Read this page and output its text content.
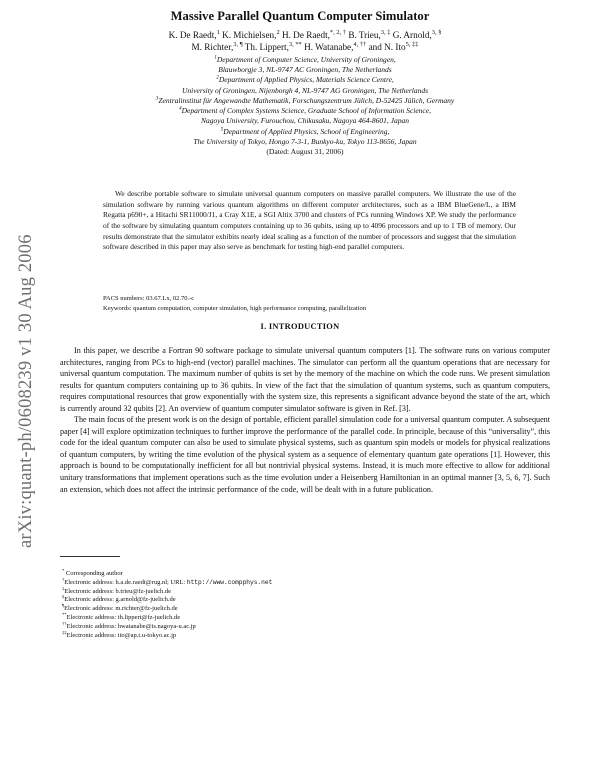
arXiv:quant-ph/0608239 v1 30 Aug 2006
Massive Parallel Quantum Computer Simulator
K. De Raedt,$^1$ K. Michielsen,$^2$ H. De Raedt,$^{*, 2, \dagger}$ B. Trieu,$^{3, \ddagger}$ G. Arnold,$^{3, \S}$
M. Richter,$^{3, \P}$ Th. Lippert,$^{3, **}$ H. Watanabe,$^{4, \dagger\dagger}$ and N. Ito$^{5, \ddagger\ddagger}$
$^1$Department of Computer Science, University of Groningen,
Blauwborgje 3, NL-9747 AC Groningen, The Netherlands
$^2$Department of Applied Physics, Materials Science Centre,
University of Groningen, Nijenborgh 4, NL-9747 AG Groningen, The Netherlands
$^3$Zentralinstitut für Angewandte Mathematik, Forschungszentrum Jülich, D-52425 Jülich, Germany
$^4$Department of Complex Systems Science, Graduate School of Information Science,
Nagoya University, Furouchou, Chikusaku, Nagoya 464-8601, Japan
$^5$Department of Applied Physics, School of Engineering,
The University of Tokyo, Hongo 7-3-1, Bunkyo-ku, Tokyo 113-8656, Japan
(Dated: August 31, 2006)

We describe portable software to simulate universal quantum computers on massive parallel computers. We illustrate the use of the simulation software by running various quantum algorithms on different computer architectures, such as a IBM BlueGene/L, a IBM Regatta p690+, a Hitachi SR11000/J1, a Cray X1E, a SGI Altix 3700 and clusters of PCs running Windows XP. We study the performance of the software by simulating quantum computers containing up to 36 qubits, using up to 4096 processors and up to 1 TB of memory. Our results demonstrate that the simulator exhibits nearly ideal scaling as a function of the number of processors and suggest that the simulation software described in this paper may also serve as benchmark for testing high-end parallel computers.

PACS numbers: 03.67.Lx, 02.70.-c
Keywords: quantum computation, computer simulation, high performance computing, parallelization
I. INTRODUCTION

In this paper, we describe a Fortran 90 software package to simulate universal quantum computers [1]. The software runs on various computer architectures, ranging from PCs to high-end (vector) parallel machines. The simulator can perform all the quantum operations that are necessary for universal quantum computation. The maximum number of qubits is set by the memory of the machine on which the code runs. We present simulation results for quantum computers containing up to 36 qubits. In view of the fact that the simulation of quantum systems, such as quantum computers, requires computational resources that grow exponentially with the system size, this represents a significant advance beyond the state of the art, which is currently around 32 qubits [2]. An overview of quantum computer simulator software is given in Ref. [3].

The main focus of the present work is on the design of portable, efficient parallel simulation code for a universal quantum computer. A subsequent paper [4] will explore optimization techniques to further improve the performance of the parallel code. In principle, because of this “universality”, this code for the ideal quantum computer can also be used to simulate physical systems, such as quantum spin models or models for physical realizations of quantum computers, by writing the time evolution of the physical system as a sequence of elementary quantum gate operations [1]. However, this approach is bound to be computationally inefficient for all but nontrivial physical systems. Instead, it is much more effective to allow for additional unitary transformations that implement operations such as the time evolution under a Heisenberg Hamiltonian in an optimal manner [3, 5, 6, 7]. Such an extension, which does not affect the intrinsic performance of the code, will be dealt with in a future publication.

* Corresponding author
†Electronic address: h.a.de.raedt@rug.nl; URL: http://www.compphys.net
‡Electronic address: b.trieu@fz-juelich.de
§Electronic address: g.arnold@fz-juelich.de
¶Electronic address: m.richter@fz-juelich.de
**Electronic address: th.lippert@fz-juelich.de
††Electronic address: hwatanabe@is.nagoya-u.ac.jp
‡‡Electronic address: ito@ap.t.u-tokyo.ac.jp
